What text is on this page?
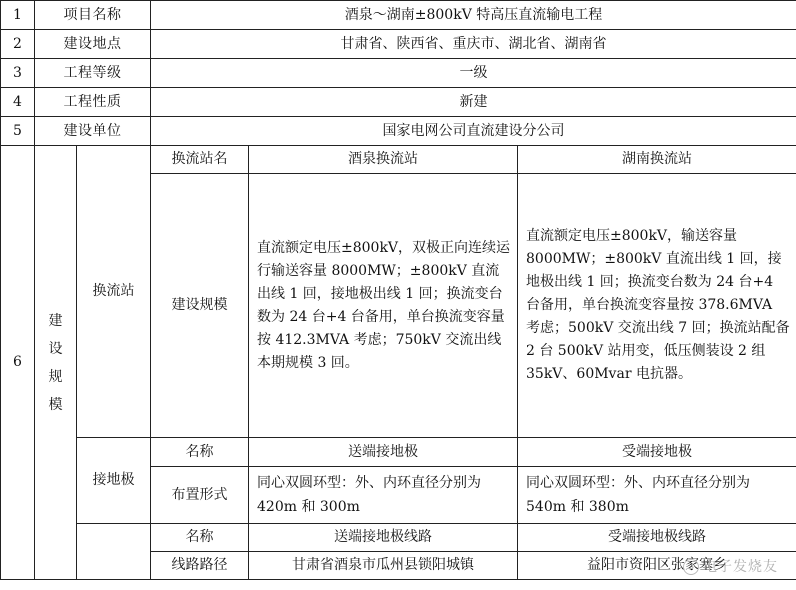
1	项目名称		酒泉～湖南±800kV 特高压直流输电工程		
2	建设地点		甘肃省、陕西省、重庆市、湖北省、湖南省		
3	工程等级		一级		
4	工程性质		新建		
5	建设单位		国家电网公司直流建设分公司		
6	建设规模	换流站	换流站名	酒泉换流站	湖南换流站
			建设规模	直流额定电压±800kV，双极正向连续运行输送容量 8000MW；±800kV 直流出线 1 回，接地极出线 1 回；换流变台数为 24 台+4 台备用，单台换流变容量按 412.3MVA 考虑；750kV 交流出线本期规模 3 回。	直流额定电压±800kV，输送容量 8000MW；±800kV 直流出线 1 回，接地极出线 1 回；换流变台数为 24 台+4 台备用，单台换流变容量按 378.6MVA 考虑；500kV 交流出线 7 回；换流站配备 2 台 500kV 站用变，低压侧装设 2 组 35kV、60Mvar 电抗器。
		接地极	名称	送端接地极	受端接地极
			布置形式	同心双圆环型：外、内环直径分别为 420m 和 300m	同心双圆环型：外、内环直径分别为 540m 和 380m
			名称	送端接地极线路	受端接地极线路
			线路路径	甘肃省酒泉市瓜州县锁阳城镇	益阳市资阳区张家塞乡
电子发烧友
